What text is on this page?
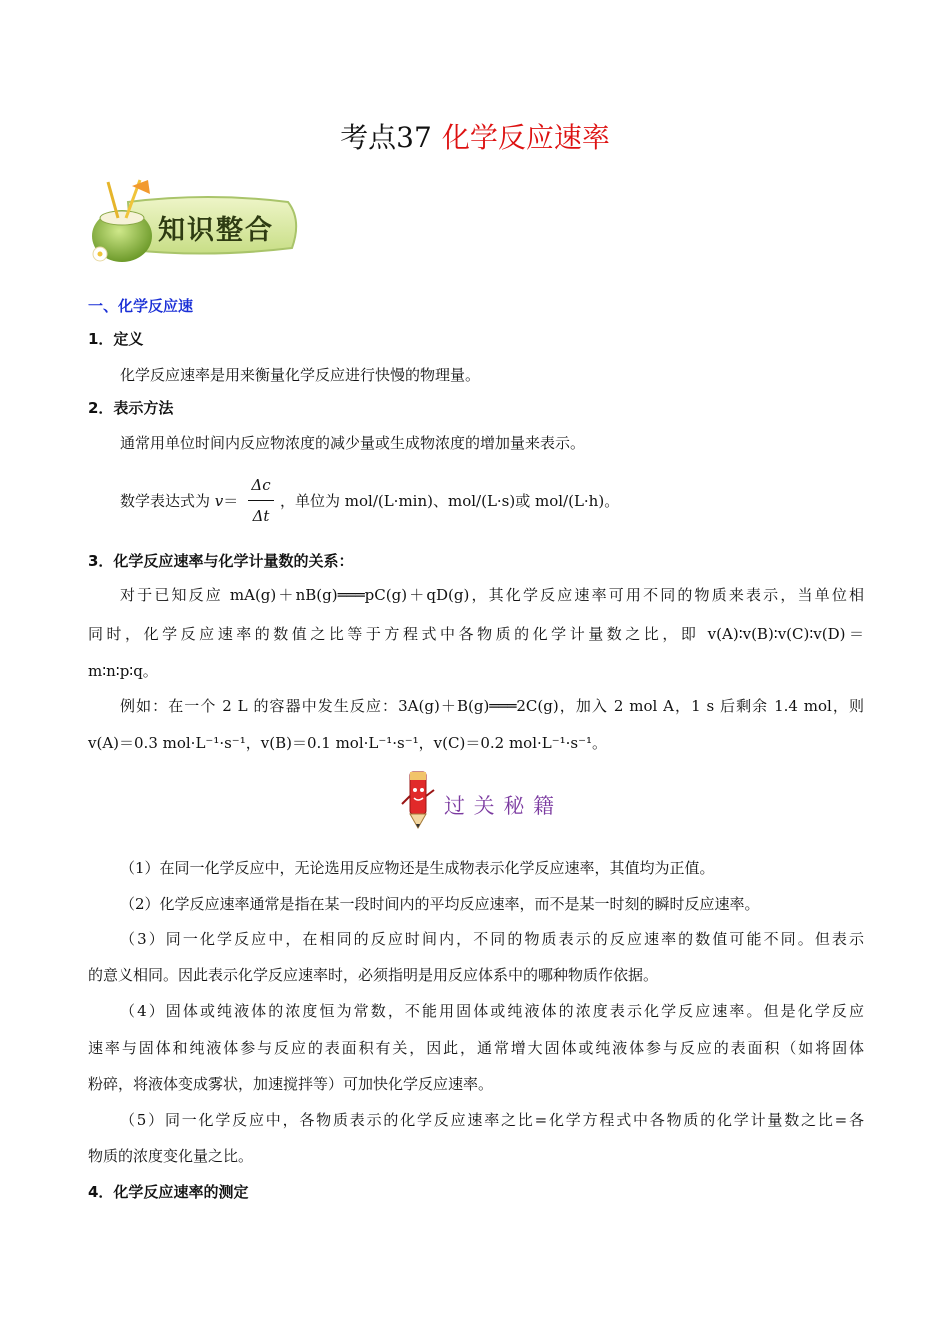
考点37 化学反应速率
知识整合
一、化学反应速
1．定义
化学反应速率是用来衡量化学反应进行快慢的物理量。
2．表示方法
通常用单位时间内反应物浓度的减少量或生成物浓度的增加量来表示。
数学表达式为 v＝
Δc
Δt
，单位为 mol/(L·min)、mol/(L·s)或 mol/(L·h)。
3．化学反应速率与化学计量数的关系：
对于已知反应 mA(g)＋nB(g)═══pC(g)＋qD(g)，其化学反应速率可用不同的物质来表示，当单位相
同时，化学反应速率的数值之比等于方程式中各物质的化学计量数之比，即 v(A)∶v(B)∶v(C)∶v(D)＝
m∶n∶p∶q。
例如：在一个 2 L 的容器中发生反应：3A(g)＋B(g)═══2C(g)，加入 2 mol A，1 s 后剩余 1.4 mol，则
v(A)＝0.3 mol·L⁻¹·s⁻¹，v(B)＝0.1 mol·L⁻¹·s⁻¹，v(C)＝0.2 mol·L⁻¹·s⁻¹。
过 关 秘 籍
（1）在同一化学反应中，无论选用反应物还是生成物表示化学反应速率，其值均为正值。
（2）化学反应速率通常是指在某一段时间内的平均反应速率，而不是某一时刻的瞬时反应速率。
（3）同一化学反应中，在相同的反应时间内，不同的物质表示的反应速率的数值可能不同。但表示
的意义相同。因此表示化学反应速率时，必须指明是用反应体系中的哪种物质作依据。
（4）固体或纯液体的浓度恒为常数，不能用固体或纯液体的浓度表示化学反应速率。但是化学反应
速率与固体和纯液体参与反应的表面积有关，因此，通常增大固体或纯液体参与反应的表面积（如将固体
粉碎，将液体变成雾状，加速搅拌等）可加快化学反应速率。
（5）同一化学反应中，各物质表示的化学反应速率之比=化学方程式中各物质的化学计量数之比=各
物质的浓度变化量之比。
4．化学反应速率的测定
